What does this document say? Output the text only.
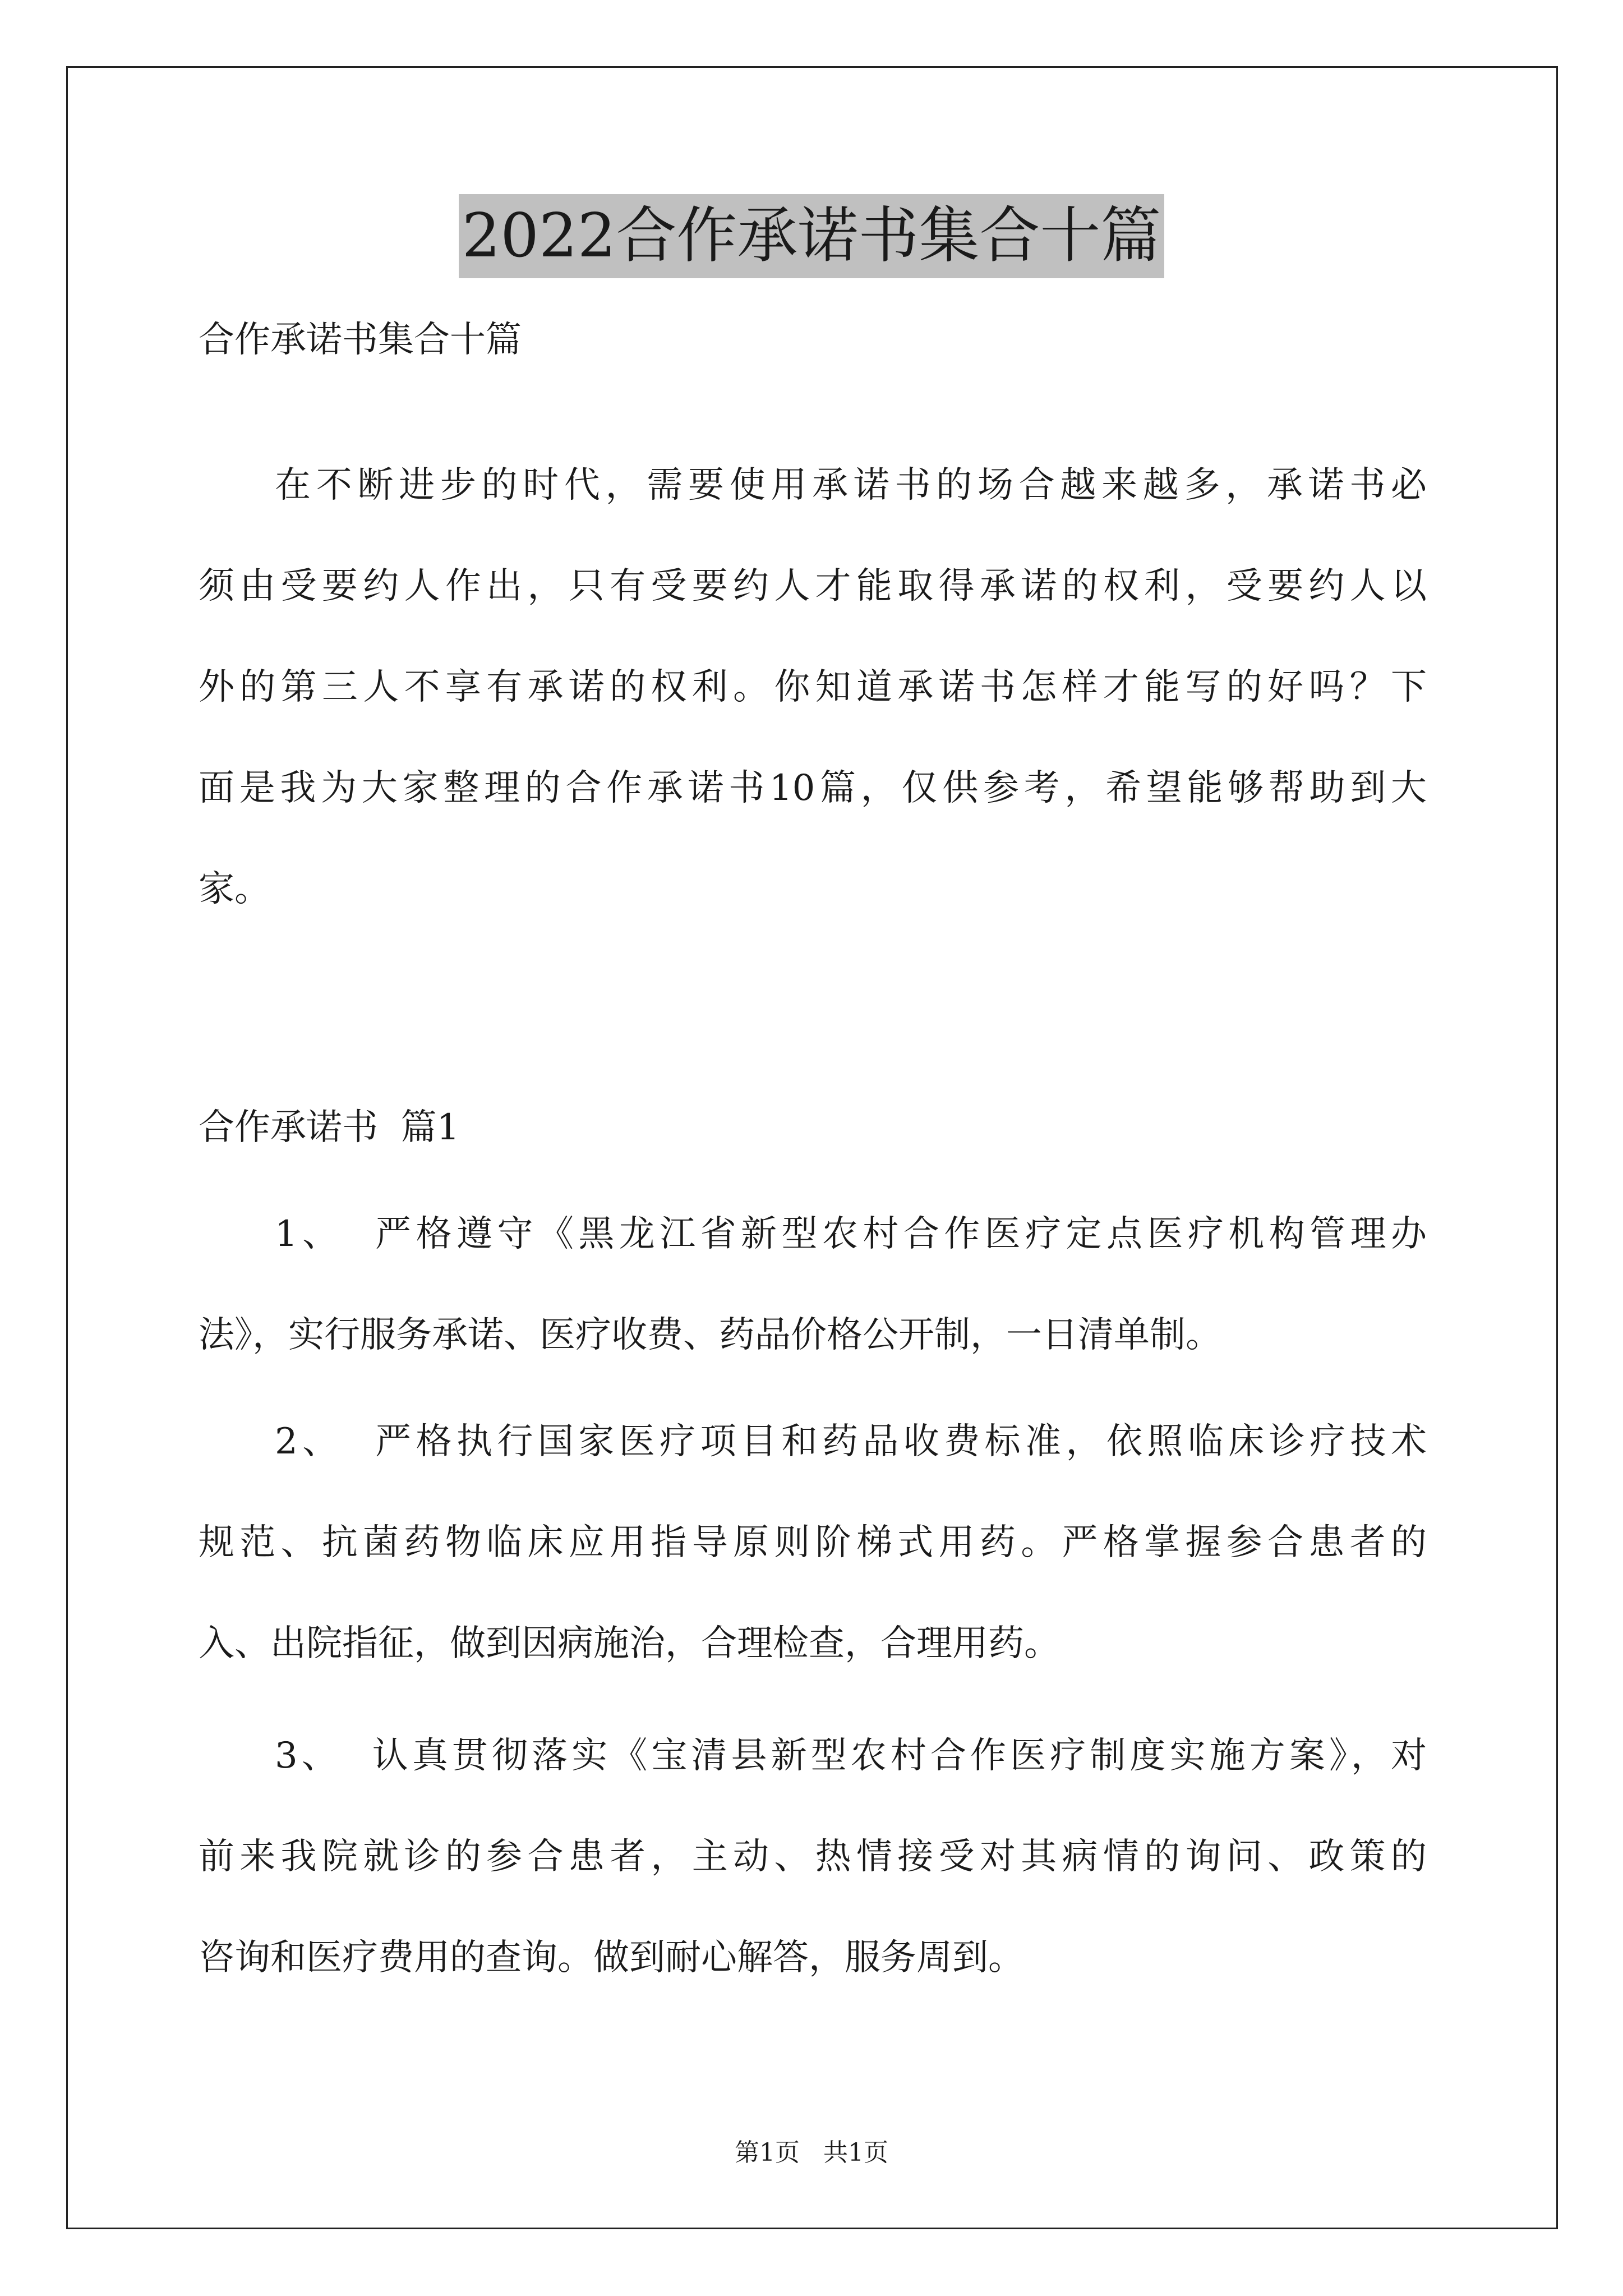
2022合作承诺书集合十篇
合作承诺书集合十篇
在不断进步的时代，需要使用承诺书的场合越来越多，承诺书必
须由受要约人作出，只有受要约人才能取得承诺的权利，受要约人以
外的第三人不享有承诺的权利。你知道承诺书怎样才能写的好吗？下
面是我为大家整理的合作承诺书10篇，仅供参考，希望能够帮助到大
家。
合作承诺书  篇1
1、  严格遵守《黑龙江省新型农村合作医疗定点医疗机构管理办
法》，实行服务承诺、医疗收费、药品价格公开制，一日清单制。
2、  严格执行国家医疗项目和药品收费标准，依照临床诊疗技术
规范、抗菌药物临床应用指导原则阶梯式用药。严格掌握参合患者的
入、出院指征，做到因病施治，合理检查，合理用药。
3、  认真贯彻落实《宝清县新型农村合作医疗制度实施方案》，对
前来我院就诊的参合患者，主动、热情接受对其病情的询问、政策的
咨询和医疗费用的查询。做到耐心解答，服务周到。
第1页   共1页
